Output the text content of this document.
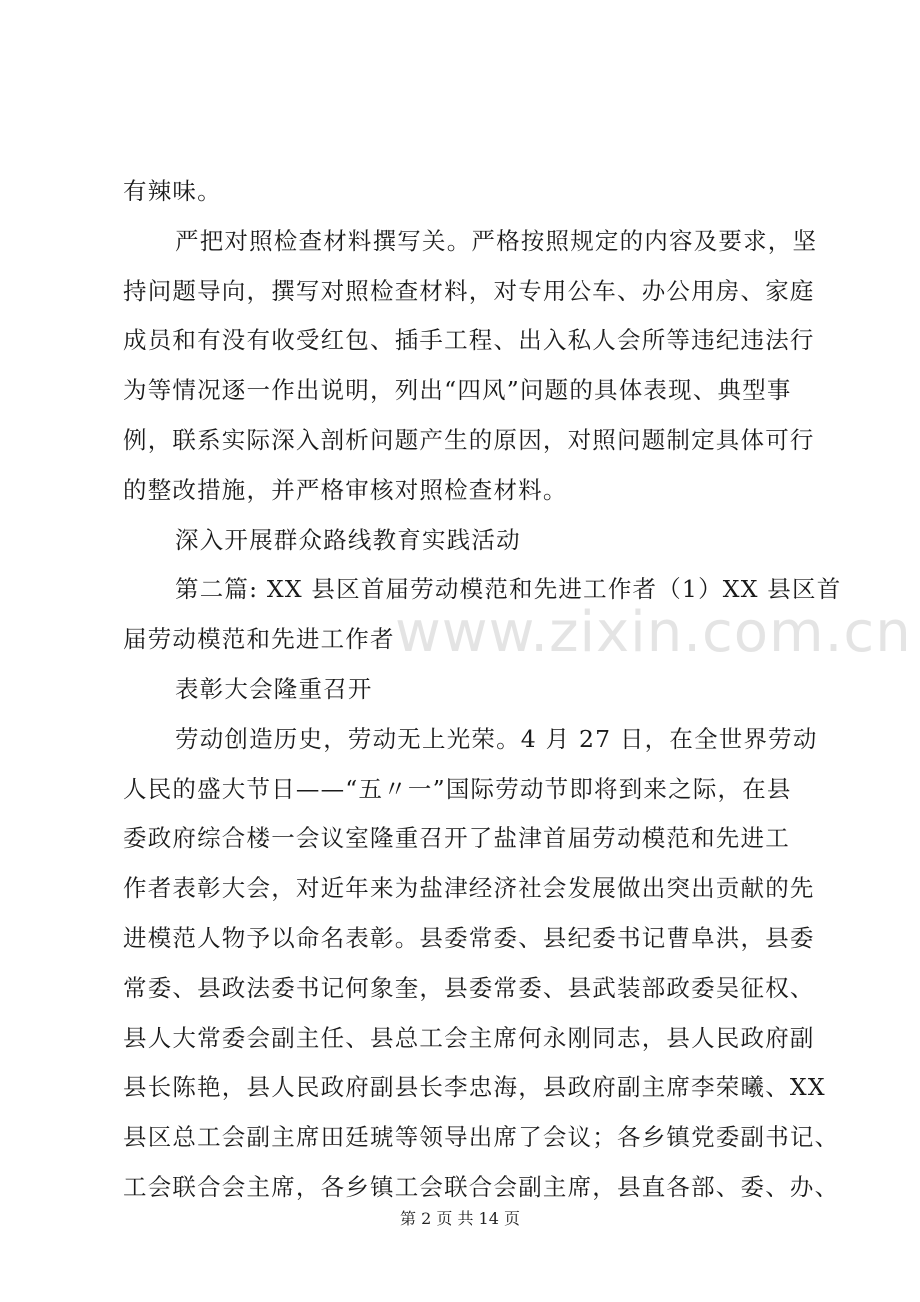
www.zixin.com.cn
有辣味。
严把对照检查材料撰写关。严格按照规定的内容及要求，坚
持问题导向，撰写对照检查材料，对专用公车、办公用房、家庭
成员和有没有收受红包、插手工程、出入私人会所等违纪违法行
为等情况逐一作出说明，列出“四风”问题的具体表现、典型事
例，联系实际深入剖析问题产生的原因，对照问题制定具体可行
的整改措施，并严格审核对照检查材料。
深入开展群众路线教育实践活动
第二篇: XX 县区首届劳动模范和先进工作者（1）XX 县区首
届劳动模范和先进工作者
表彰大会隆重召开
劳动创造历史，劳动无上光荣。4 月 27 日，在全世界劳动
人民的盛大节日——“五〃一”国际劳动节即将到来之际，在县
委政府综合楼一会议室隆重召开了盐津首届劳动模范和先进工
作者表彰大会，对近年来为盐津经济社会发展做出突出贡献的先
进模范人物予以命名表彰。县委常委、县纪委书记曹阜洪，县委
常委、县政法委书记何象奎，县委常委、县武装部政委吴征权、
县人大常委会副主任、县总工会主席何永刚同志，县人民政府副
县长陈艳，县人民政府副县长李忠海，县政府副主席李荣曦、XX
县区总工会副主席田廷琥等领导出席了会议；各乡镇党委副书记、
工会联合会主席，各乡镇工会联合会副主席，县直各部、委、办、
第 2 页 共 14 页
